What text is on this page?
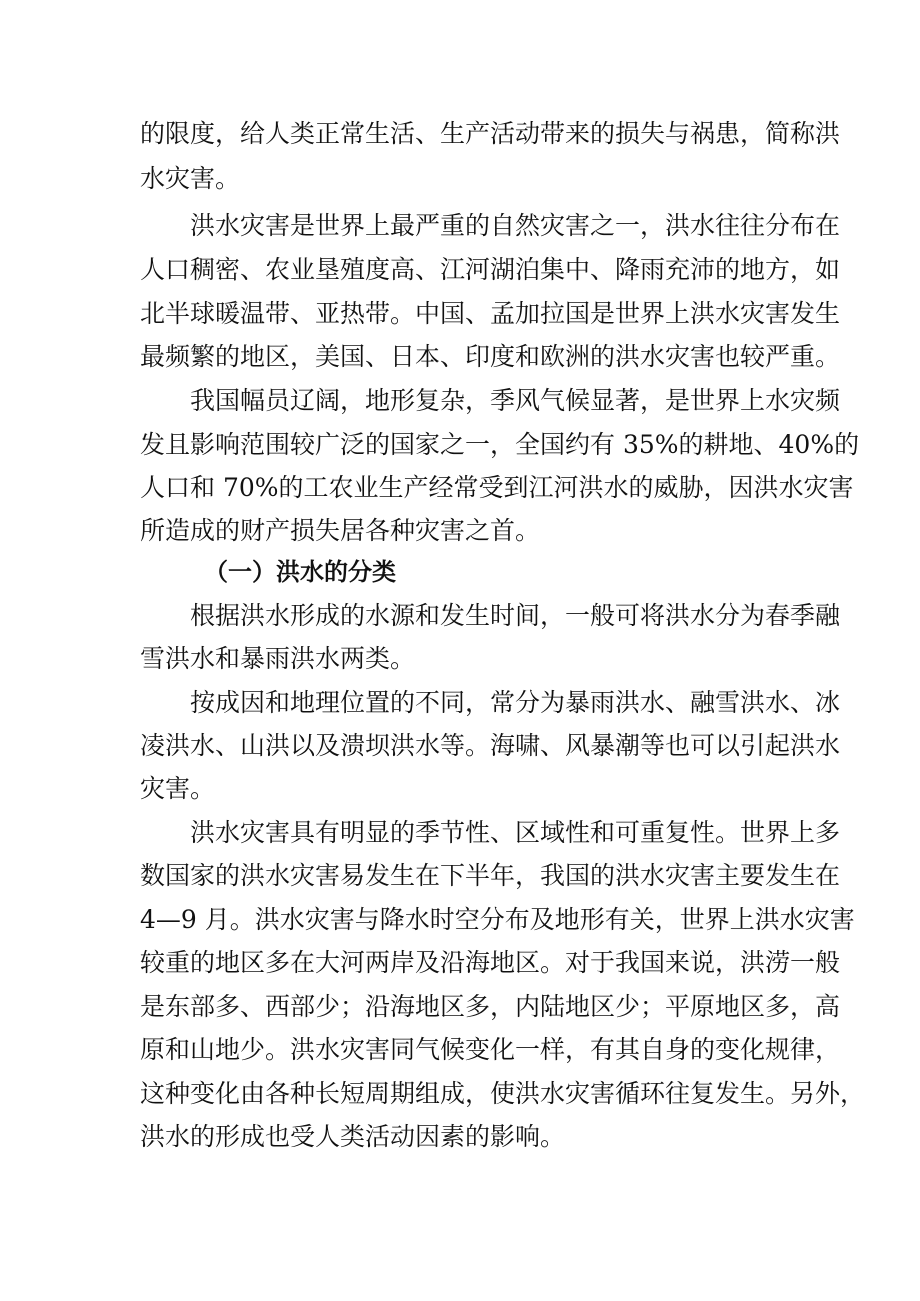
的限度，给人类正常生活、生产活动带来的损失与祸患，简称洪
水灾害。
洪水灾害是世界上最严重的自然灾害之一，洪水往往分布在
人口稠密、农业垦殖度高、江河湖泊集中、降雨充沛的地方，如
北半球暖温带、亚热带。中国、孟加拉国是世界上洪水灾害发生
最频繁的地区，美国、日本、印度和欧洲的洪水灾害也较严重。
我国幅员辽阔，地形复杂，季风气候显著，是世界上水灾频
发且影响范围较广泛的国家之一，全国约有 35%的耕地、40%的
人口和 70%的工农业生产经常受到江河洪水的威胁，因洪水灾害
所造成的财产损失居各种灾害之首。
（一）洪水的分类
根据洪水形成的水源和发生时间，一般可将洪水分为春季融
雪洪水和暴雨洪水两类。
按成因和地理位置的不同，常分为暴雨洪水、融雪洪水、冰
凌洪水、山洪以及溃坝洪水等。海啸、风暴潮等也可以引起洪水
灾害。
洪水灾害具有明显的季节性、区域性和可重复性。世界上多
数国家的洪水灾害易发生在下半年，我国的洪水灾害主要发生在
4—9 月。洪水灾害与降水时空分布及地形有关，世界上洪水灾害
较重的地区多在大河两岸及沿海地区。对于我国来说，洪涝一般
是东部多、西部少；沿海地区多，内陆地区少；平原地区多，高
原和山地少。洪水灾害同气候变化一样，有其自身的变化规律，
这种变化由各种长短周期组成，使洪水灾害循环往复发生。另外，
洪水的形成也受人类活动因素的影响。
